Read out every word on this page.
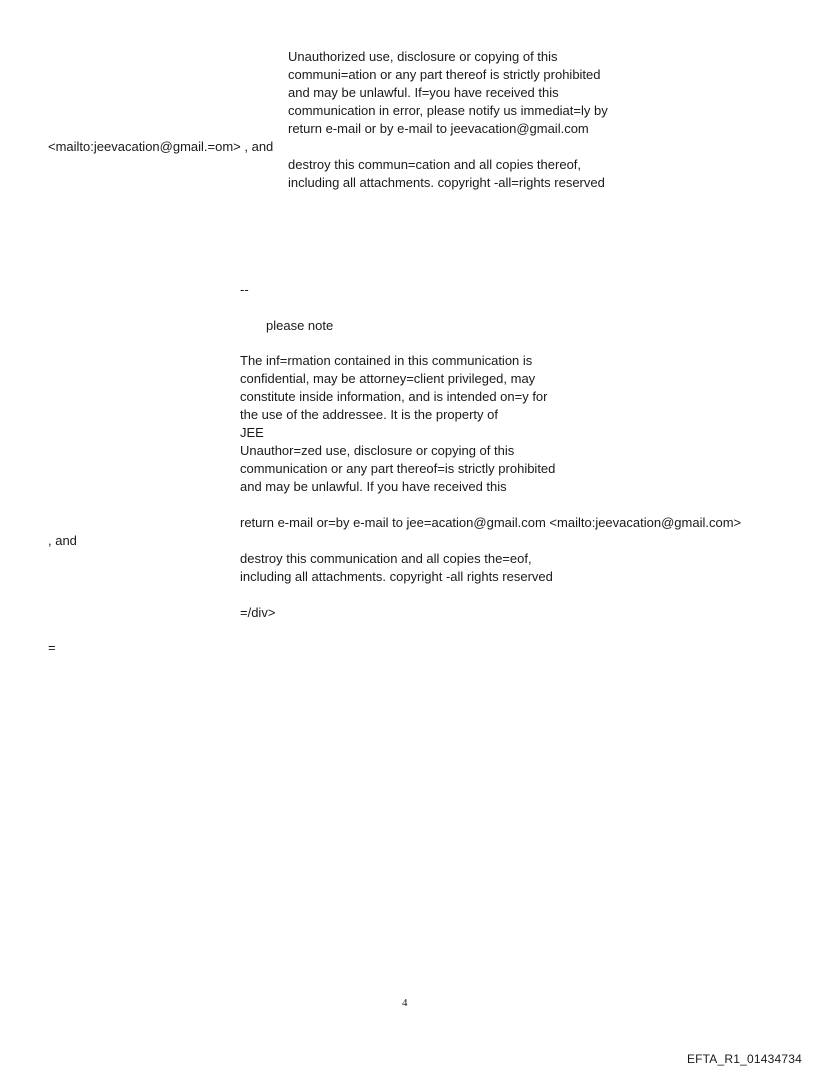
Unauthorized use, disclosure or copying of this
communi=ation or any part thereof is strictly prohibited
and may be unlawful. If=you have received this
communication in error, please notify us immediat=ly by
return e-mail or by e-mail to jeevacation@gmail.com
<mailto:jeevacation@gmail.=om> , and
destroy this commun=cation and all copies thereof,
including all attachments. copyright -all=rights reserved
--
please note
The inf=rmation contained in this communication is
confidential, may be attorney=client privileged, may
constitute inside information, and is intended on=y for
the use of the addressee. It is the property of
JEE
Unauthor=zed use, disclosure or copying of this
communication or any part thereof=is strictly prohibited
and may be unlawful. If you have received this
return e-mail or=by e-mail to jee=acation@gmail.com <mailto:jeevacation@gmail.com>
, and
destroy this communication and all copies the=eof,
including all attachments. copyright -all rights reserved
=/div>
=
4
EFTA_R1_01434734
